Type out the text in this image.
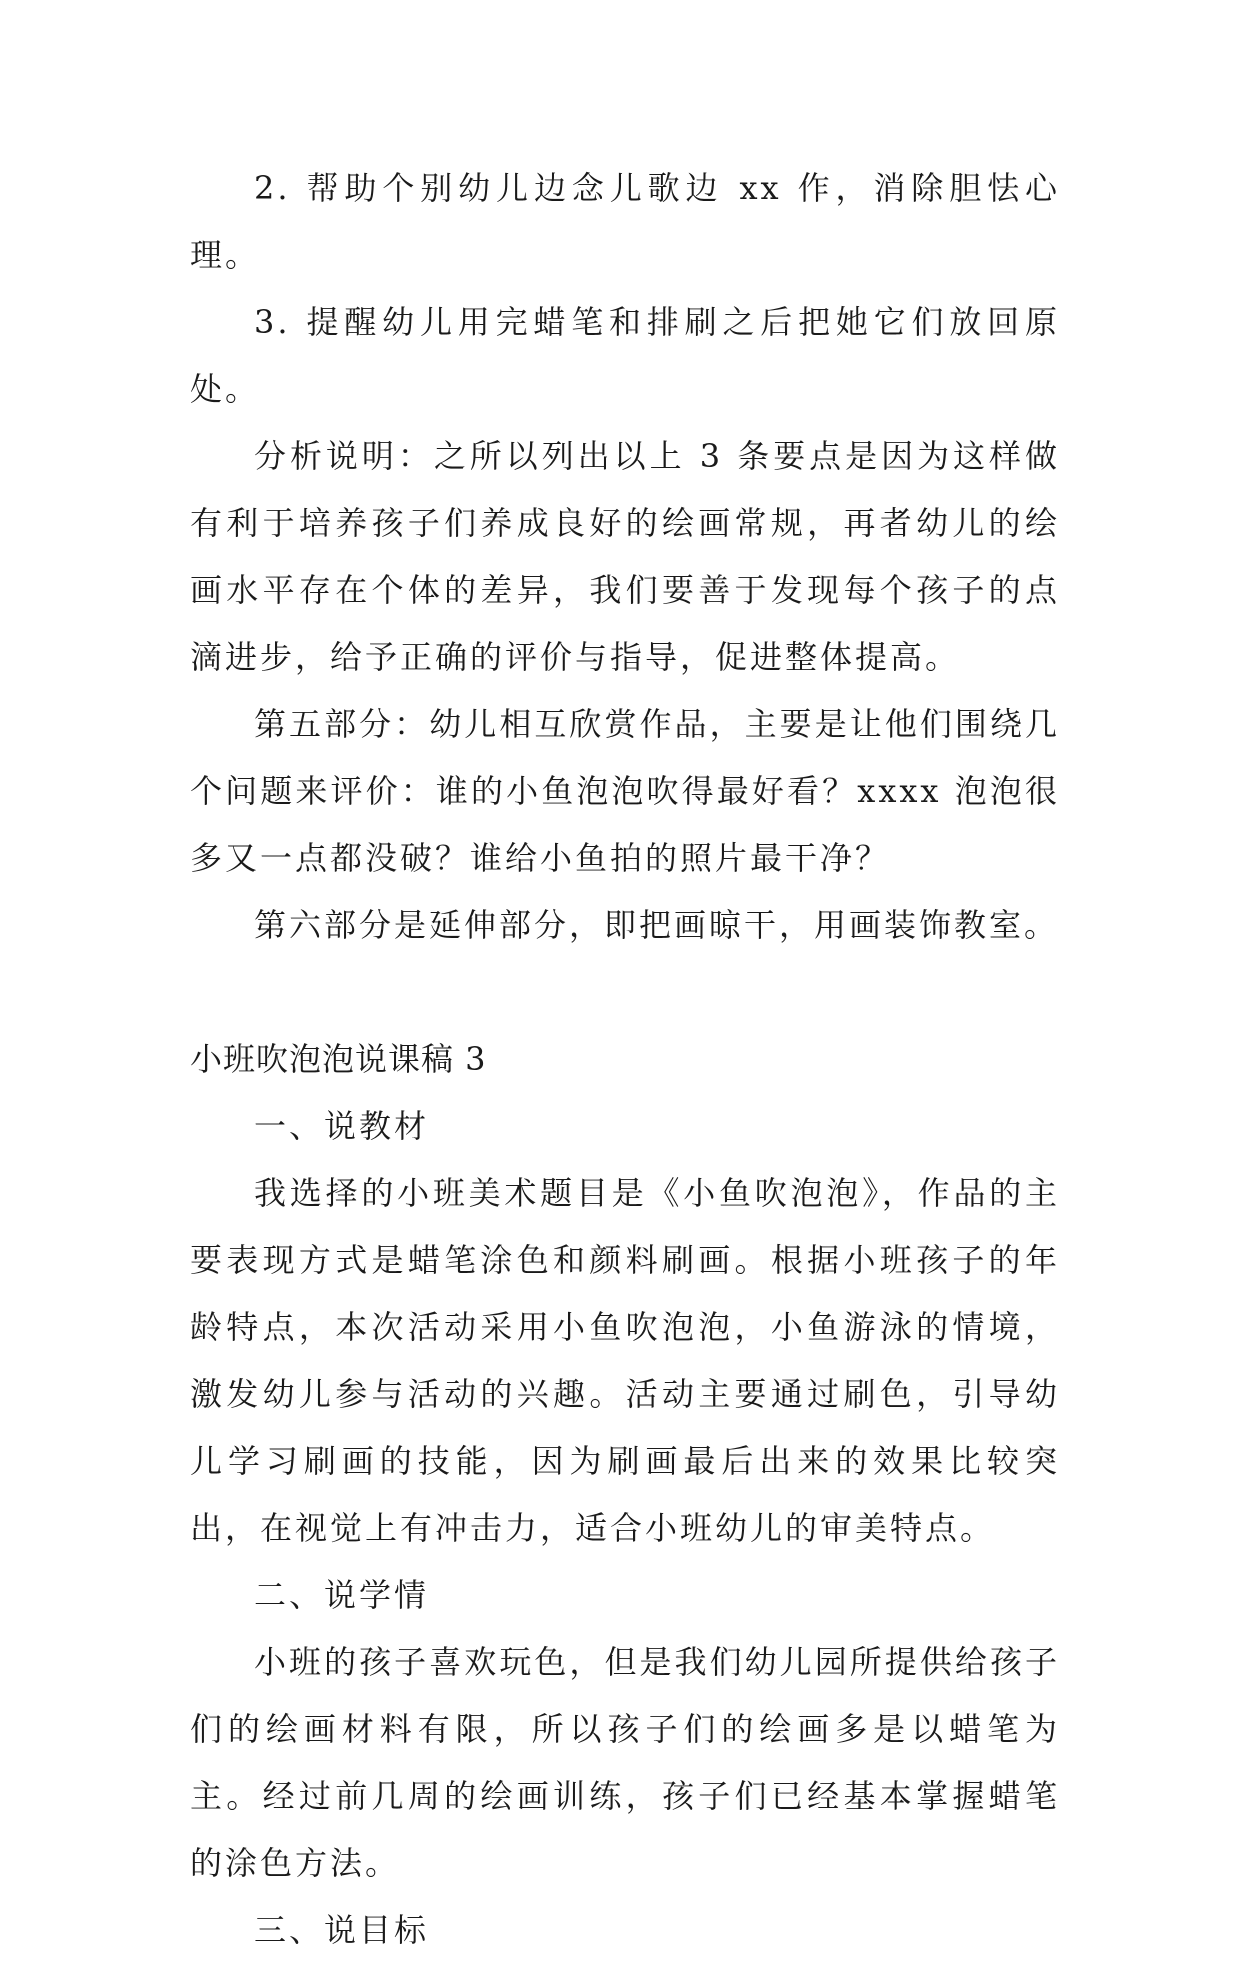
2. 帮助个别幼儿边念儿歌边 xx 作，消除胆怯心理。

3. 提醒幼儿用完蜡笔和排刷之后把她它们放回原处。

分析说明：之所以列出以上 3 条要点是因为这样做有利于培养孩子们养成良好的绘画常规，再者幼儿的绘画水平存在个体的差异，我们要善于发现每个孩子的点滴进步，给予正确的评价与指导，促进整体提高。

第五部分：幼儿相互欣赏作品，主要是让他们围绕几个问题来评价：谁的小鱼泡泡吹得最好看？xxxx 泡泡很多又一点都没破？谁给小鱼拍的照片最干净？

第六部分是延伸部分，即把画晾干，用画装饰教室。

小班吹泡泡说课稿 3

一、说教材

我选择的小班美术题目是《小鱼吹泡泡》，作品的主要表现方式是蜡笔涂色和颜料刷画。根据小班孩子的年龄特点，本次活动采用小鱼吹泡泡，小鱼游泳的情境，激发幼儿参与活动的兴趣。活动主要通过刷色，引导幼儿学习刷画的技能，因为刷画最后出来的效果比较突出，在视觉上有冲击力，适合小班幼儿的审美特点。

二、说学情

小班的孩子喜欢玩色，但是我们幼儿园所提供给孩子们的绘画材料有限，所以孩子们的绘画多是以蜡笔为主。经过前几周的绘画训练，孩子们已经基本掌握蜡笔的涂色方法。

三、说目标
